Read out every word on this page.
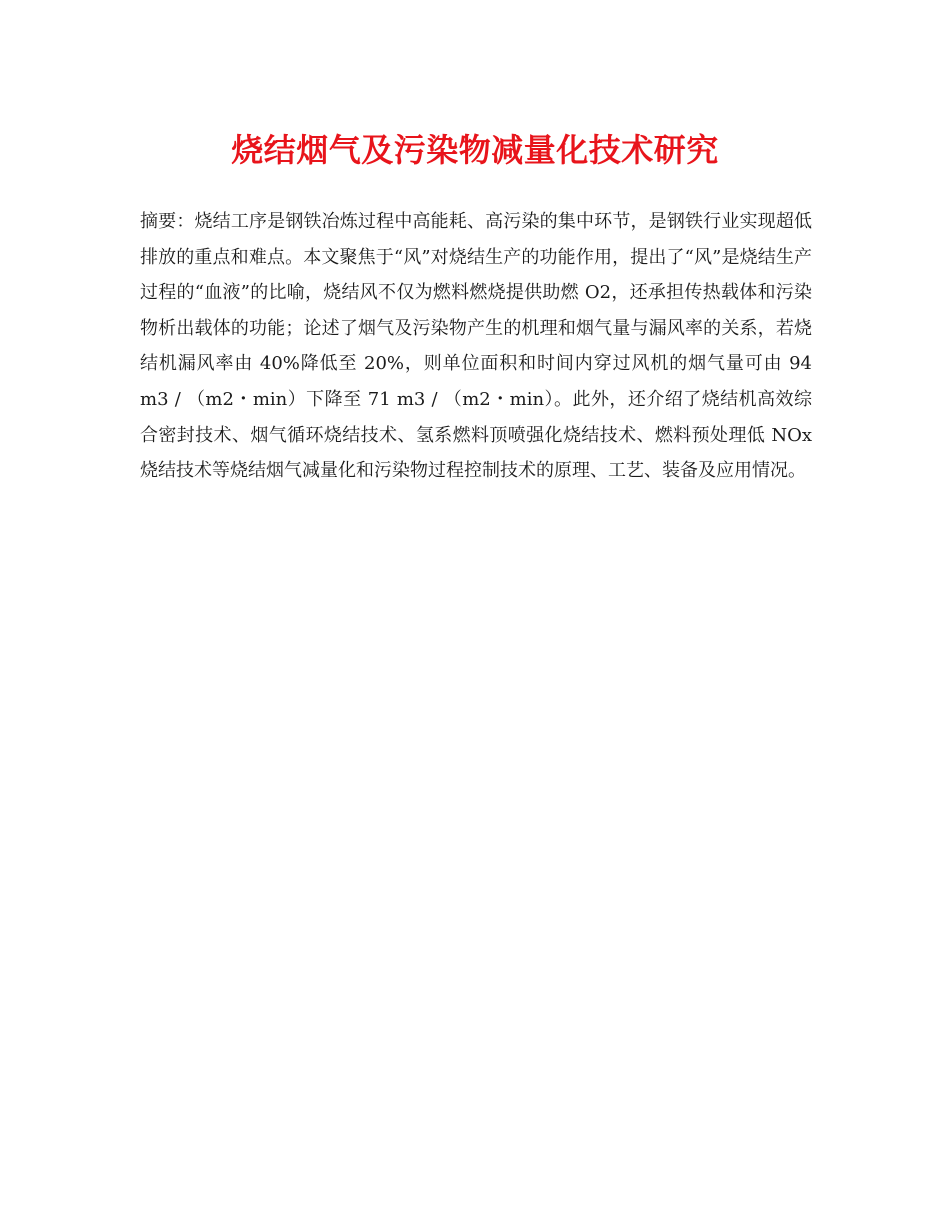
烧结烟气及污染物减量化技术研究

摘要：烧结工序是钢铁冶炼过程中高能耗、高污染的集中环节，是钢铁行业实现超低排放的重点和难点。本文聚焦于“风”对烧结生产的功能作用，提出了“风”是烧结生产过程的“血液”的比喻，烧结风不仅为燃料燃烧提供助燃 O2，还承担传热载体和污染物析出载体的功能；论述了烟气及污染物产生的机理和烟气量与漏风率的关系，若烧结机漏风率由 40%降低至 20%，则单位面积和时间内穿过风机的烟气量可由 94 m3 / （m2・min）下降至 71 m3 / （m2・min）。此外，还介绍了烧结机高效综合密封技术、烟气循环烧结技术、氢系燃料顶喷强化烧结技术、燃料预处理低 NOx 烧结技术等烧结烟气减量化和污染物过程控制技术的原理、工艺、装备及应用情况。
